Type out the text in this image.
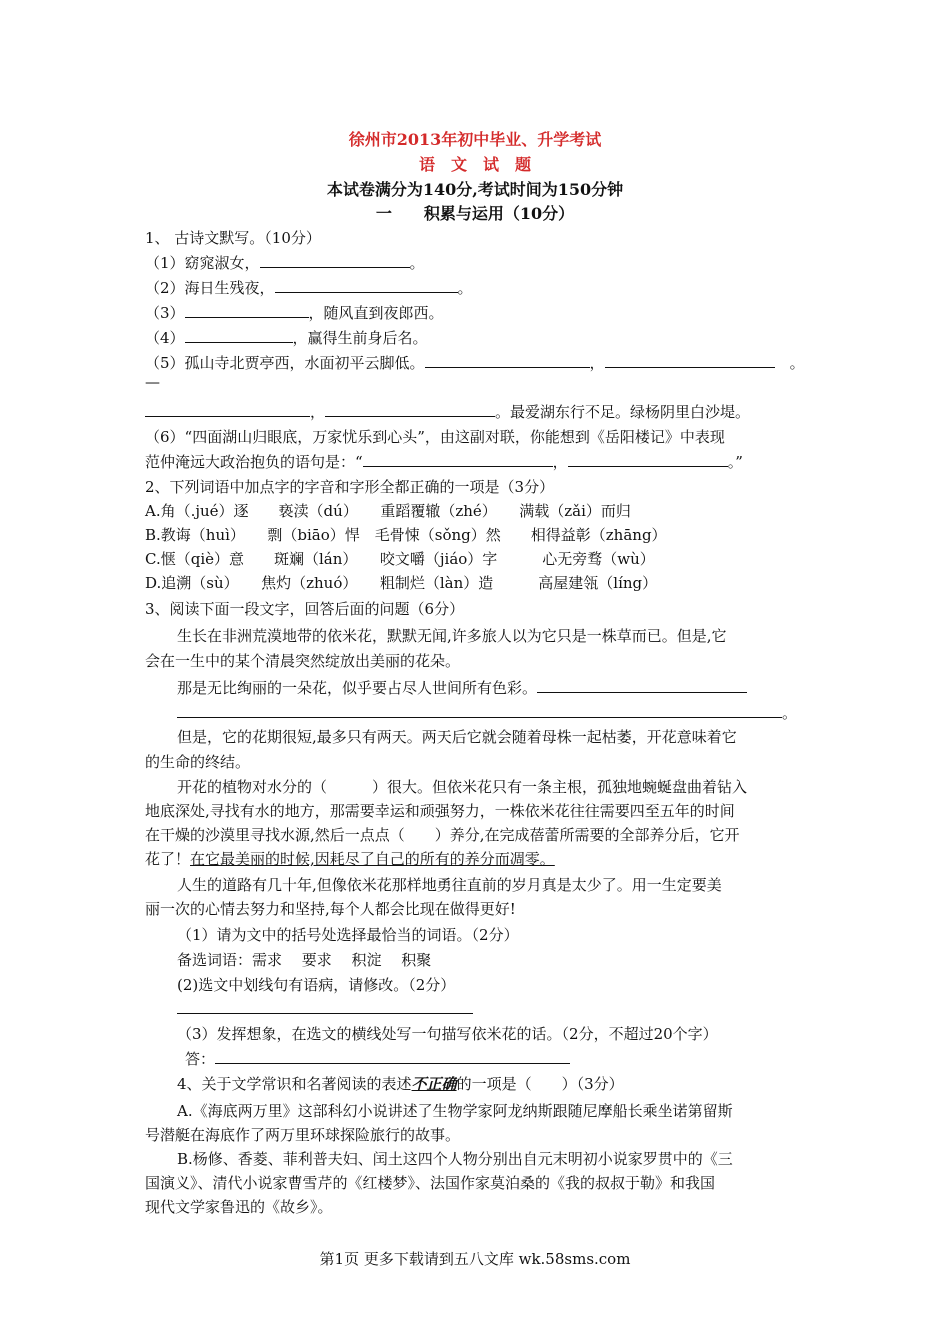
徐州市2013年初中毕业、升学考试
语　文　试　题
本试卷满分为140分,考试时间为150分钟
一　　积累与运用（10分）
1、 古诗文默写。（10分）
（1）窈窕淑女，	。
（2）海日生残夜，	。
（3）	，随风直到夜郎西。
（4）	，赢得生前身后名。
（5）孤山寺北贾亭西，水面初平云脚低。	，	　。
—
，	。最爱湖东行不足。绿杨阴里白沙堤。
（6）“四面湖山归眼底，万家忧乐到心头”，由这副对联，你能想到《岳阳楼记》中表现
范仲淹远大政治抱负的语句是：“	，	。”
2、下列词语中加点字的字音和字形全都正确的一项是（3分）
A.角（.jué）逐　　亵渎（dú）　　重蹈覆辙（zhé）　　满载（zǎi）而归
B.教诲（huì）　　剽（biāo）悍　毛骨悚（sǒng）然　　相得益彰（zhāng）
C.惬（qiè）意　　斑斓（lán）　　咬文嚼（jiáo）字　　　心无旁骛（wù）
D.追溯（sù）　　焦灼（zhuó）　　粗制烂（làn）造　　　高屋建瓴（líng）
3、阅读下面一段文字，回答后面的问题（6分）
生长在非洲荒漠地带的依米花，默默无闻,许多旅人以为它只是一株草而已。但是,它
会在一生中的某个清晨突然绽放出美丽的花朵。
那是无比绚丽的一朵花，似乎要占尽人世间所有色彩。
。
但是，它的花期很短,最多只有两天。两天后它就会随着母株一起枯萎，开花意味着它
的生命的终结。
开花的植物对水分的（　　　）很大。但依米花只有一条主根，孤独地蜿蜒盘曲着钻入
地底深处,寻找有水的地方，那需要幸运和顽强努力，一株依米花往往需要四至五年的时间
在干燥的沙漠里寻找水源,然后一点点（　　）养分,在完成蓓蕾所需要的全部养分后，它开
花了！在它最美丽的时候,因耗尽了自己的所有的养分而凋零。
人生的道路有几十年,但像依米花那样地勇往直前的岁月真是太少了。用一生定要美
丽一次的心情去努力和坚持,每个人都会比现在做得更好!
（1）请为文中的括号处选择最恰当的词语。（2分）
备选词语：需求　 要求　 积淀　 积聚
(2)选文中划线句有语病，请修改。（2分）
（3）发挥想象，在选文的横线处写一句描写依米花的话。（2分，不超过20个字）
答：
4、关于文学常识和名著阅读的表述不正确的一项是（　　）（3分）
A.《海底两万里》这部科幻小说讲述了生物学家阿龙纳斯跟随尼摩船长乘坐诺第留斯
号潜艇在海底作了两万里环球探险旅行的故事。
B.杨修、香菱、菲利普夫妇、闰土这四个人物分别出自元末明初小说家罗贯中的《三
国演义》、清代小说家曹雪芹的《红楼梦》、法国作家莫泊桑的《我的叔叔于勒》和我国
现代文学家鲁迅的《故乡》。
第1页 更多下载请到五八文库 wk.58sms.com
